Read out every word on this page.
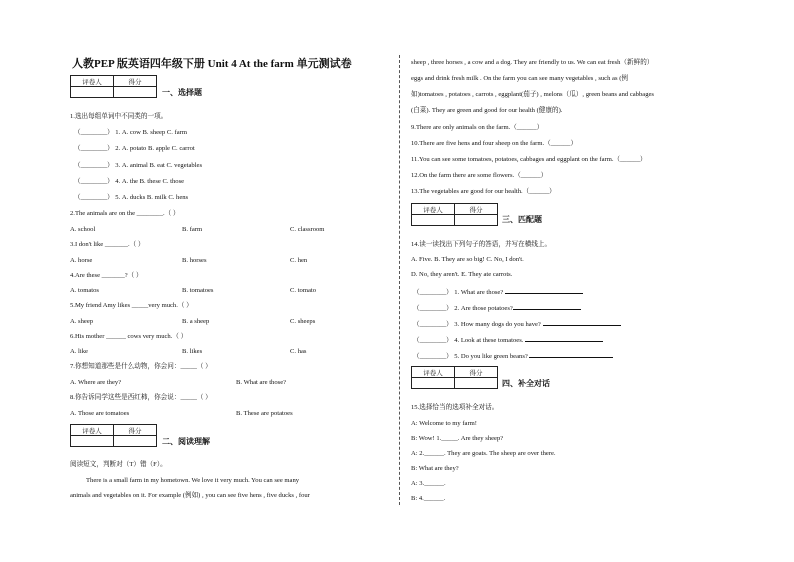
人教PEP 版英语四年级下册 Unit 4 At the farm 单元测试卷
评卷人	得分

一、选择题
1.选出每组单词中不同类的一项。
（________） 1. A. cow B. sheep C. farm
（________） 2. A. potato B. apple C. carrot
（________） 3. A. animal B. eat C. vegetables
（________） 4. A. the B. these C. those
（________） 5. A. ducks B. milk C. hens
2.The animals are on the ________.（ ）
A. school	B. farm	C. classroom
3.I don't like _______.（ ）
A. horse	B. horses	C. hen
4.Are these _______?（ ）
A. tomatos	B. tomatoes	C. tomato
5.My friend Amy likes _____very much.（ ）
A. sheep	B. a sheep	C. sheeps
6.His mother ______ cows very much.（ ）
A. like	B. likes	C. has
7.你想知道那些是什么动物，你会问：_____（ ）
A. Where are they?	B. What are those?
8.你告诉同学这些是西红柿，你会说：_____（ ）
A. Those are tomatoes	B. These are potatoes
评卷人	得分

二、阅读理解
阅读短文，判断对（T）错（F）。
There is a small farm in my hometown. We love it very much. You can see many
animals and vegetables on it. For example (例如) , you can see five hens , five ducks , four
sheep , three horses , a cow and a dog. They are friendly to us. We can eat fresh（新鲜的）
eggs and drink fresh milk . On the farm you can see many vegetables , such as (例
如)tomatoes , potatoes , carrots , eggplant(茄子) , melons（瓜）, green beans and cabbages
(白菜). They are green and good for our health (健康的).
9.There are only animals on the farm.（______）
10.There are five hens and four sheep on the farm.（______）
11.You can see some tomatoes, potatoes, cabbages and eggplant on the farm.（______）
12.On the farm there are some flowers.（______）
13.The vegetables are good for our health.（______）
评卷人	得分

三、匹配题
14.读一读找出下列句子的答语，并写在横线上。
A. Five. B. They are so big! C. No, I don't.
D. No, they aren't. E. They ate carrots.
（________） 1. What are those?
（________） 2. Are those potatoes?
（________） 3. How many dogs do you have?
（________） 4. Look at these tomatoes.
（________） 5. Do you like green beans?
评卷人	得分

四、补全对话
15.选择恰当的选项补全对话。
A: Welcome to my farm!
B: Wow! 1._____. Are they sheep?
A: 2.______. They are goats. The sheep are over there.
B: What are they?
A: 3.______.
B: 4.______.
